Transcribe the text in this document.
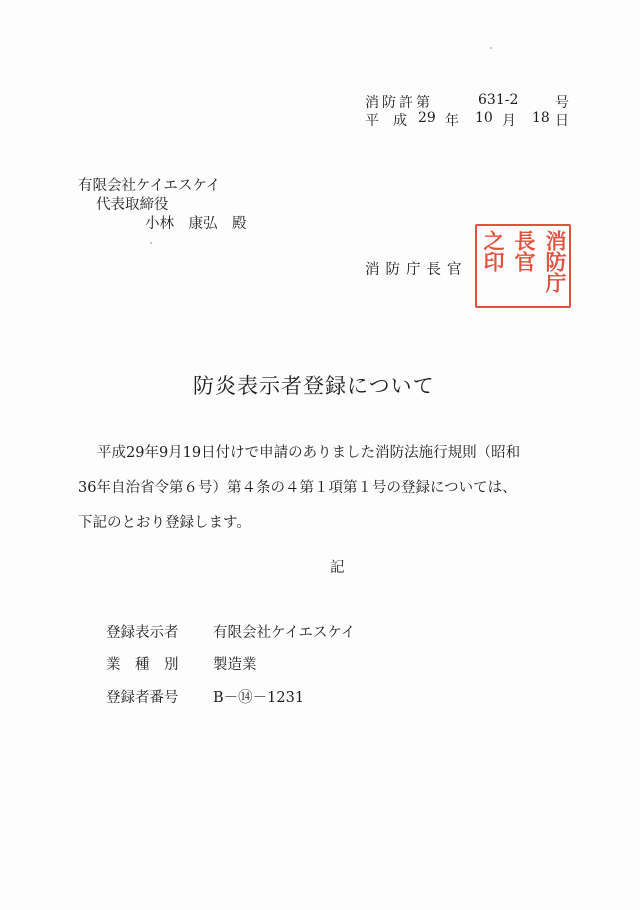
消防許第	631-2	号
平　成 29 年 10 月 18 日
有限会社ケイエスケイ
代表取締役
小林　康弘　殿
消防庁長官	消防庁
長官
之印
防炎表示者登録について
平成29年9月19日付けで申請のありました消防法施行規則（昭和
36年自治省令第６号）第４条の４第１項第１号の登録については、
下記のとおり登録します。
記
登録表示者 有限会社ケイエスケイ
業　種　別 製造業
登録者番号 B－⑭－1231
